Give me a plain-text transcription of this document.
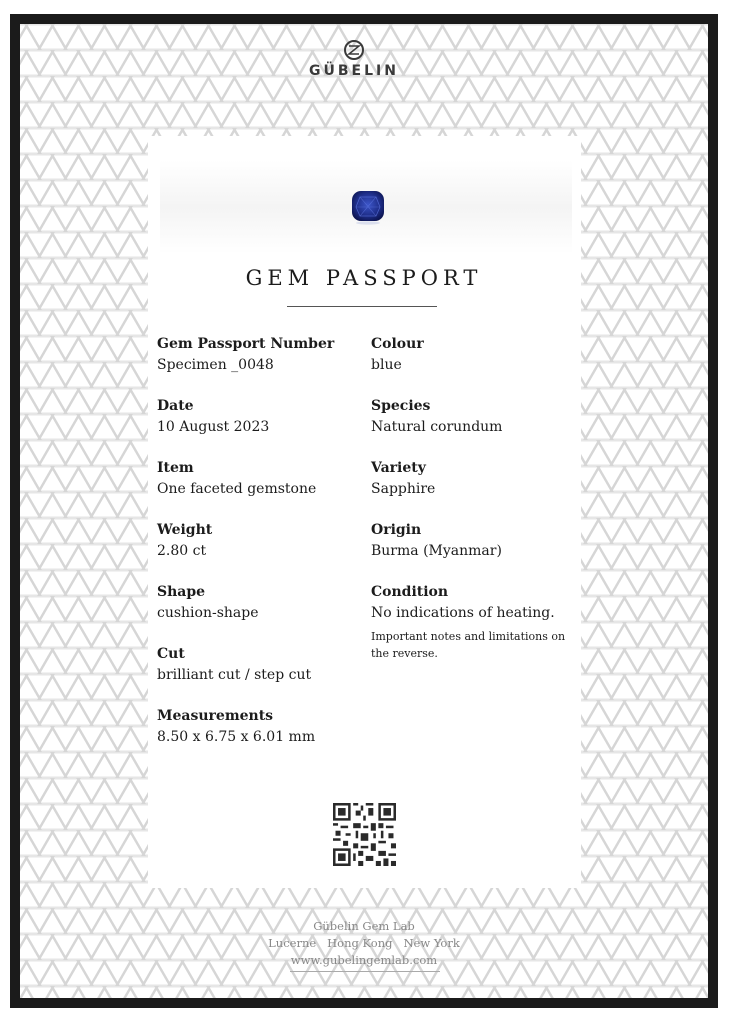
GÜBELIN
GEM PASSPORT
Gem Passport Number
Specimen _0048
Date
10 August 2023
Item
One faceted gemstone
Weight
2.80 ct
Shape
cushion-shape
Cut
brilliant cut / step cut
Measurements
8.50 x 6.75 x 6.01 mm
Colour
blue
Species
Natural corundum
Variety
Sapphire
Origin
Burma (Myanmar)
Condition
No indications of heating.
Important notes and limitations on the reverse.
Gübelin Gem Lab
Lucerne   Hong Kong   New York
www.gubelingemlab.com
